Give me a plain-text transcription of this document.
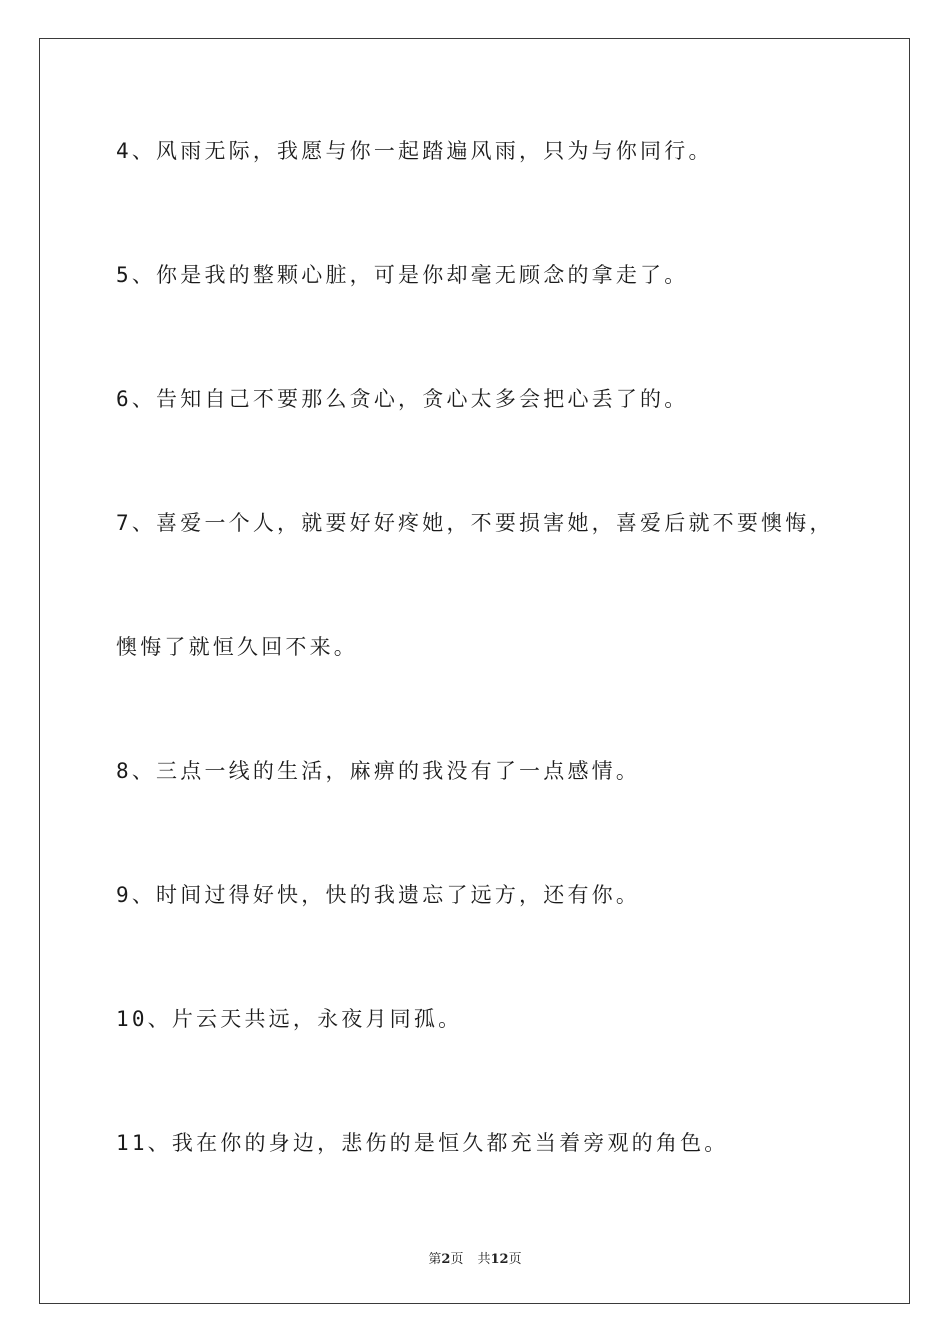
4、风雨无际，我愿与你一起踏遍风雨，只为与你同行。
5、你是我的整颗心脏，可是你却毫无顾念的拿走了。
6、告知自己不要那么贪心，贪心太多会把心丢了的。
7、喜爱一个人，就要好好疼她，不要损害她，喜爱后就不要懊悔，
懊悔了就恒久回不来。
8、三点一线的生活，麻痹的我没有了一点感情。
9、时间过得好快，快的我遗忘了远方，还有你。
10、片云天共远，永夜月同孤。
11、我在你的身边，悲伤的是恒久都充当着旁观的角色。
第2页 共12页
